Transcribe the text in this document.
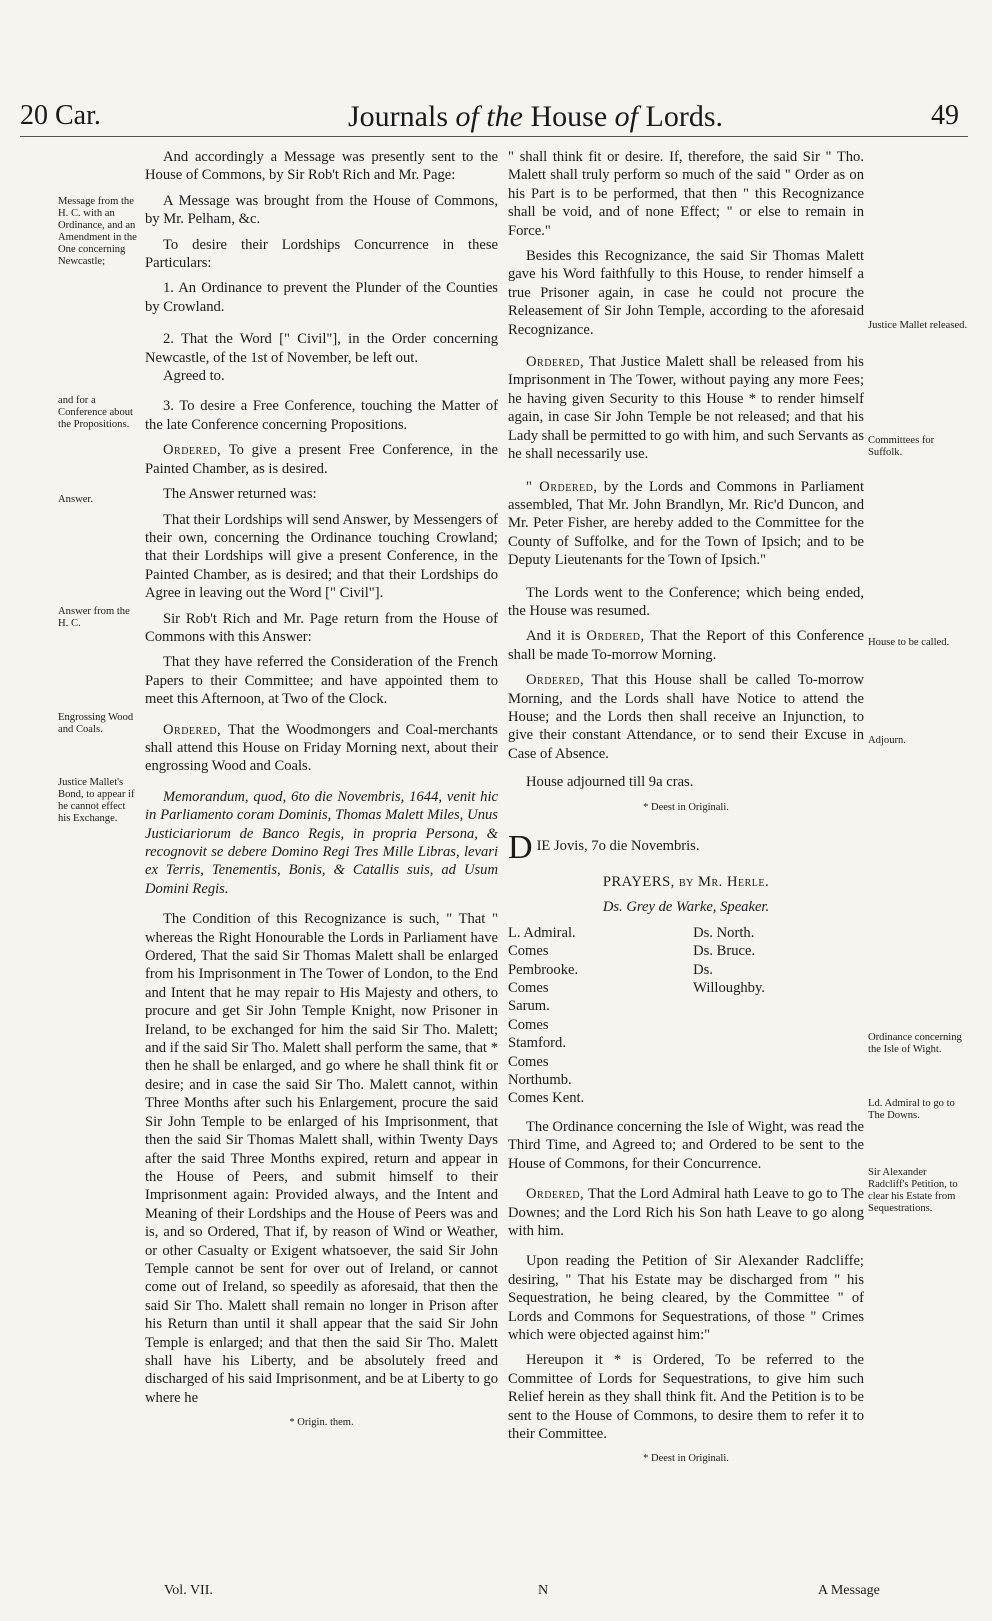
20 Car.	Journals of the House of Lords.	49
Message from the H. C. with an Ordinance, and an Amendment in the One concerning Newcastle;
and for a Conference about the Propositions.
Answer.
Answer from the H. C.
Engrossing Wood and Coals.
Justice Mallet's Bond, to appear if he cannot effect his Exchange.

And accordingly a Message was presently sent to the House of Commons, by Sir Rob't Rich and Mr. Page:

A Message was brought from the House of Commons, by Mr. Pelham, &c.

To desire their Lordships Concurrence in these Particulars:

1. An Ordinance to prevent the Plunder of the Counties by Crowland.

2. That the Word [" Civil"], in the Order concerning Newcastle, of the 1st of November, be left out.

Agreed to.

3. To desire a Free Conference, touching the Matter of the late Conference concerning Propositions.

Ordered, To give a present Free Conference, in the Painted Chamber, as is desired.

The Answer returned was:

That their Lordships will send Answer, by Messengers of their own, concerning the Ordinance touching Crowland; that their Lordships will give a present Conference, in the Painted Chamber, as is desired; and that their Lordships do Agree in leaving out the Word [" Civil"].

Sir Rob't Rich and Mr. Page return from the House of Commons with this Answer:

That they have referred the Consideration of the French Papers to their Committee; and have appointed them to meet this Afternoon, at Two of the Clock.

Ordered, That the Woodmongers and Coal-merchants shall attend this House on Friday Morning next, about their engrossing Wood and Coals.

Memorandum, quod, 6to die Novembris, 1644, venit hic in Parliamento coram Dominis, Thomas Malett Miles, Unus Justiciariorum de Banco Regis, in propria Persona, & recognovit se debere Domino Regi Tres Mille Libras, levari ex Terris, Tenementis, Bonis, & Catallis suis, ad Usum Domini Regis.

The Condition of this Recognizance is such, " That " whereas the Right Honourable the Lords in Parliament have Ordered, That the said Sir Thomas Malett shall be enlarged from his Imprisonment in The Tower of London, to the End and Intent that he may repair to His Majesty and others, to procure and get Sir John Temple Knight, now Prisoner in Ireland, to be exchanged for him the said Sir Tho. Malett; and if the said Sir Tho. Malett shall perform the same, that * then he shall be enlarged, and go where he shall think fit or desire; and in case the said Sir Tho. Malett cannot, within Three Months after such his Enlargement, procure the said Sir John Temple to be enlarged of his Imprisonment, that then the said Sir Thomas Malett shall, within Twenty Days after the said Three Months expired, return and appear in the House of Peers, and submit himself to their Imprisonment again: Provided always, and the Intent and Meaning of their Lordships and the House of Peers was and is, and so Ordered, That if, by reason of Wind or Weather, or other Casualty or Exigent whatsoever, the said Sir John Temple cannot be sent for over out of Ireland, or cannot come out of Ireland, so speedily as aforesaid, that then the said Sir Tho. Malett shall remain no longer in Prison after his Return than until it shall appear that the said Sir John Temple is enlarged; and that then the said Sir Tho. Malett shall have his Liberty, and be absolutely freed and discharged of his said Imprisonment, and be at Liberty to go where he

* Origin. them.

Vol. VII.
Justice Mallet released.
Committees for Suffolk.
House to be called.
Adjourn.
Ordinance concerning the Isle of Wight.
Ld. Admiral to go to The Downs.
Sir Alexander Radcliff's Petition, to clear his Estate from Sequestrations.

" shall think fit or desire. If, therefore, the said Sir " Tho. Malett shall truly perform so much of the said " Order as on his Part is to be performed, that then " this Recognizance shall be void, and of none Effect; " or else to remain in Force."

Besides this Recognizance, the said Sir Thomas Malett gave his Word faithfully to this House, to render himself a true Prisoner again, in case he could not procure the Releasement of Sir John Temple, according to the aforesaid Recognizance.

Ordered, That Justice Malett shall be released from his Imprisonment in The Tower, without paying any more Fees; he having given Security to this House * to render himself again, in case Sir John Temple be not released; and that his Lady shall be permitted to go with him, and such Servants as he shall necessarily use.

" Ordered, by the Lords and Commons in Parliament assembled, That Mr. John Brandlyn, Mr. Ric'd Duncon, and Mr. Peter Fisher, are hereby added to the Committee for the County of Suffolke, and for the Town of Ipsich; and to be Deputy Lieutenants for the Town of Ipsich."

The Lords went to the Conference; which being ended, the House was resumed.

And it is Ordered, That the Report of this Conference shall be made To-morrow Morning.

Ordered, That this House shall be called To-morrow Morning, and the Lords shall have Notice to attend the House; and the Lords then shall receive an Injunction, to give their constant Attendance, or to send their Excuse in Case of Absence.

House adjourned till 9a cras.

* Deest in Originali.

D IE Jovis, 7o die Novembris.

PRAYERS, by Mr. Herle.

Ds. Grey de Warke, Speaker.

L. Admiral.
Comes Pembrooke.
Comes Sarum.
Comes Stamford.
Comes Northumb.
Comes Kent.
Ds. North.
Ds. Bruce.
Ds. Willoughby.

The Ordinance concerning the Isle of Wight, was read the Third Time, and Agreed to; and Ordered to be sent to the House of Commons, for their Concurrence.

Ordered, That the Lord Admiral hath Leave to go to The Downes; and the Lord Rich his Son hath Leave to go along with him.

Upon reading the Petition of Sir Alexander Radcliffe; desiring, " That his Estate may be discharged from " his Sequestration, he being cleared, by the Committee " of Lords and Commons for Sequestrations, of those " Crimes which were objected against him:"

Hereupon it * is Ordered, To be referred to the Committee of Lords for Sequestrations, to give him such Relief herein as they shall think fit. And the Petition is to be sent to the House of Commons, to desire them to refer it to their Committee.

* Deest in Originali.

N	A Message
